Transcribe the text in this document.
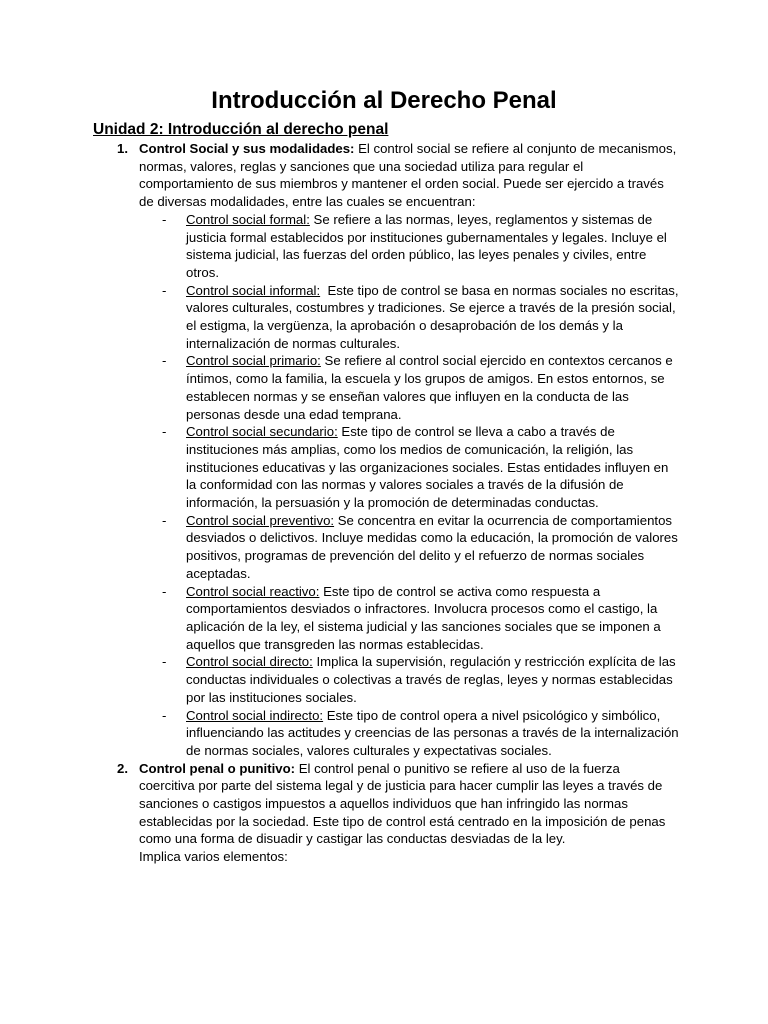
Introducción al Derecho Penal
Unidad 2: Introducción al derecho penal
1. Control Social y sus modalidades: El control social se refiere al conjunto de mecanismos, normas, valores, reglas y sanciones que una sociedad utiliza para regular el comportamiento de sus miembros y mantener el orden social. Puede ser ejercido a través de diversas modalidades, entre las cuales se encuentran:
- Control social formal: Se refiere a las normas, leyes, reglamentos y sistemas de justicia formal establecidos por instituciones gubernamentales y legales. Incluye el sistema judicial, las fuerzas del orden público, las leyes penales y civiles, entre otros.
- Control social informal:  Este tipo de control se basa en normas sociales no escritas, valores culturales, costumbres y tradiciones. Se ejerce a través de la presión social, el estigma, la vergüenza, la aprobación o desaprobación de los demás y la internalización de normas culturales.
- Control social primario: Se refiere al control social ejercido en contextos cercanos e íntimos, como la familia, la escuela y los grupos de amigos. En estos entornos, se establecen normas y se enseñan valores que influyen en la conducta de las personas desde una edad temprana.
- Control social secundario: Este tipo de control se lleva a cabo a través de instituciones más amplias, como los medios de comunicación, la religión, las instituciones educativas y las organizaciones sociales. Estas entidades influyen en la conformidad con las normas y valores sociales a través de la difusión de información, la persuasión y la promoción de determinadas conductas.
- Control social preventivo: Se concentra en evitar la ocurrencia de comportamientos desviados o delictivos. Incluye medidas como la educación, la promoción de valores positivos, programas de prevención del delito y el refuerzo de normas sociales aceptadas.
- Control social reactivo: Este tipo de control se activa como respuesta a comportamientos desviados o infractores. Involucra procesos como el castigo, la aplicación de la ley, el sistema judicial y las sanciones sociales que se imponen a aquellos que transgreden las normas establecidas.
- Control social directo: Implica la supervisión, regulación y restricción explícita de las conductas individuales o colectivas a través de reglas, leyes y normas establecidas por las instituciones sociales.
- Control social indirecto: Este tipo de control opera a nivel psicológico y simbólico, influenciando las actitudes y creencias de las personas a través de la internalización de normas sociales, valores culturales y expectativas sociales.
2. Control penal o punitivo: El control penal o punitivo se refiere al uso de la fuerza coercitiva por parte del sistema legal y de justicia para hacer cumplir las leyes a través de sanciones o castigos impuestos a aquellos individuos que han infringido las normas establecidas por la sociedad. Este tipo de control está centrado en la imposición de penas como una forma de disuadir y castigar las conductas desviadas de la ley.
Implica varios elementos:
